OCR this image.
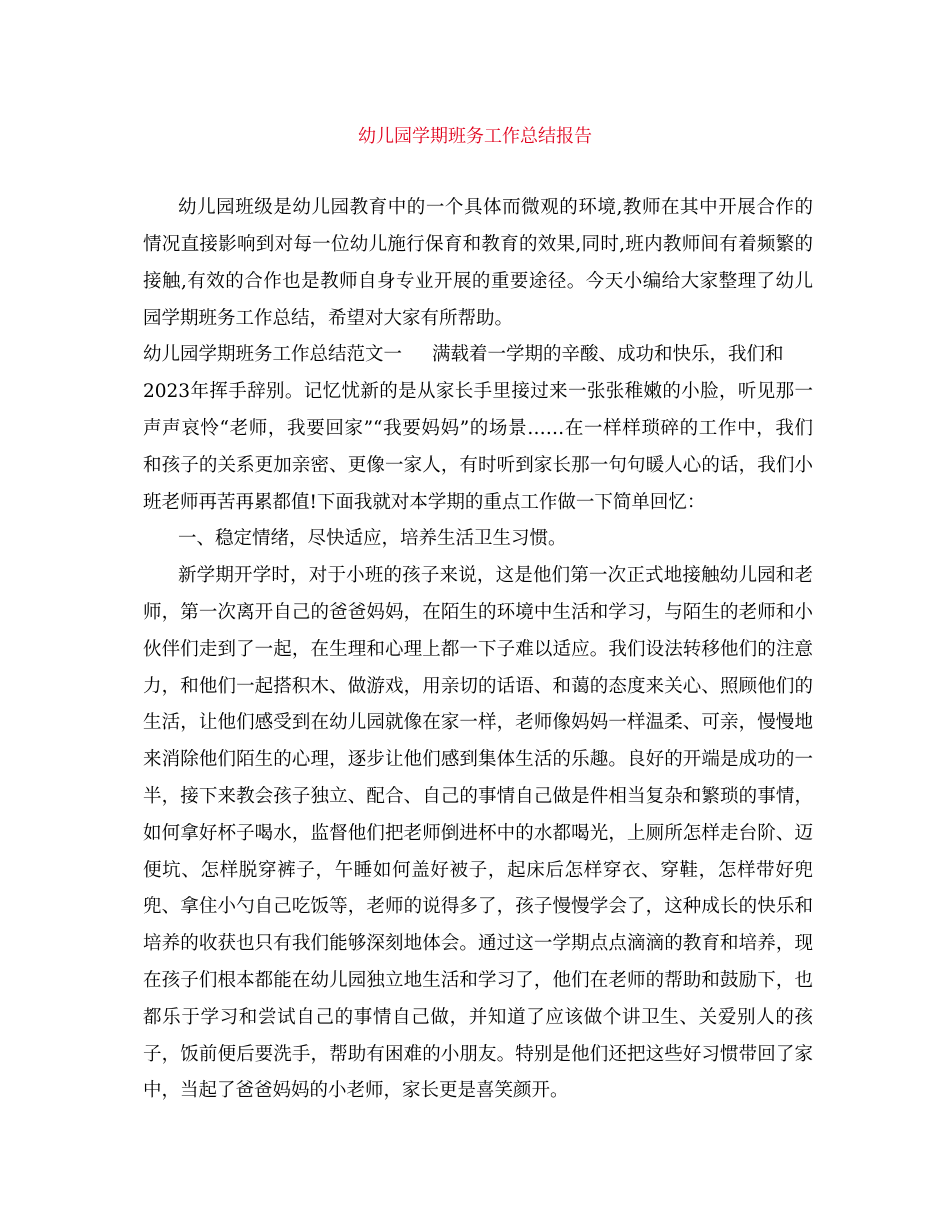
幼儿园学期班务工作总结报告
幼儿园班级是幼儿园教育中的一个具体而微观的环境,教师在其中开展合作的
情况直接影响到对每一位幼儿施行保育和教育的效果,同时,班内教师间有着频繁的
接触,有效的合作也是教师自身专业开展的重要途径。今天小编给大家整理了幼儿
园学期班务工作总结，希望对大家有所帮助。
幼儿园学期班务工作总结范文一 满载着一学期的辛酸、成功和快乐，我们和
2023年挥手辞别。记忆忧新的是从家长手里接过来一张张稚嫩的小脸，听见那一
声声哀怜“老师，我要回家”“我要妈妈”的场景……在一样样琐碎的工作中，我们
和孩子的关系更加亲密、更像一家人，有时听到家长那一句句暖人心的话，我们小
班老师再苦再累都值!下面我就对本学期的重点工作做一下简单回忆：
一、稳定情绪，尽快适应，培养生活卫生习惯。
新学期开学时，对于小班的孩子来说，这是他们第一次正式地接触幼儿园和老
师，第一次离开自己的爸爸妈妈，在陌生的环境中生活和学习，与陌生的老师和小
伙伴们走到了一起，在生理和心理上都一下子难以适应。我们设法转移他们的注意
力，和他们一起搭积木、做游戏，用亲切的话语、和蔼的态度来关心、照顾他们的
生活，让他们感受到在幼儿园就像在家一样，老师像妈妈一样温柔、可亲，慢慢地
来消除他们陌生的心理，逐步让他们感到集体生活的乐趣。良好的开端是成功的一
半，接下来教会孩子独立、配合、自己的事情自己做是件相当复杂和繁琐的事情，
如何拿好杯子喝水，监督他们把老师倒进杯中的水都喝光，上厕所怎样走台阶、迈
便坑、怎样脱穿裤子，午睡如何盖好被子，起床后怎样穿衣、穿鞋，怎样带好兜
兜、拿住小勺自己吃饭等，老师的说得多了，孩子慢慢学会了，这种成长的快乐和
培养的收获也只有我们能够深刻地体会。通过这一学期点点滴滴的教育和培养，现
在孩子们根本都能在幼儿园独立地生活和学习了，他们在老师的帮助和鼓励下，也
都乐于学习和尝试自己的事情自己做，并知道了应该做个讲卫生、关爱别人的孩
子，饭前便后要洗手，帮助有困难的小朋友。特别是他们还把这些好习惯带回了家
中，当起了爸爸妈妈的小老师，家长更是喜笑颜开。
